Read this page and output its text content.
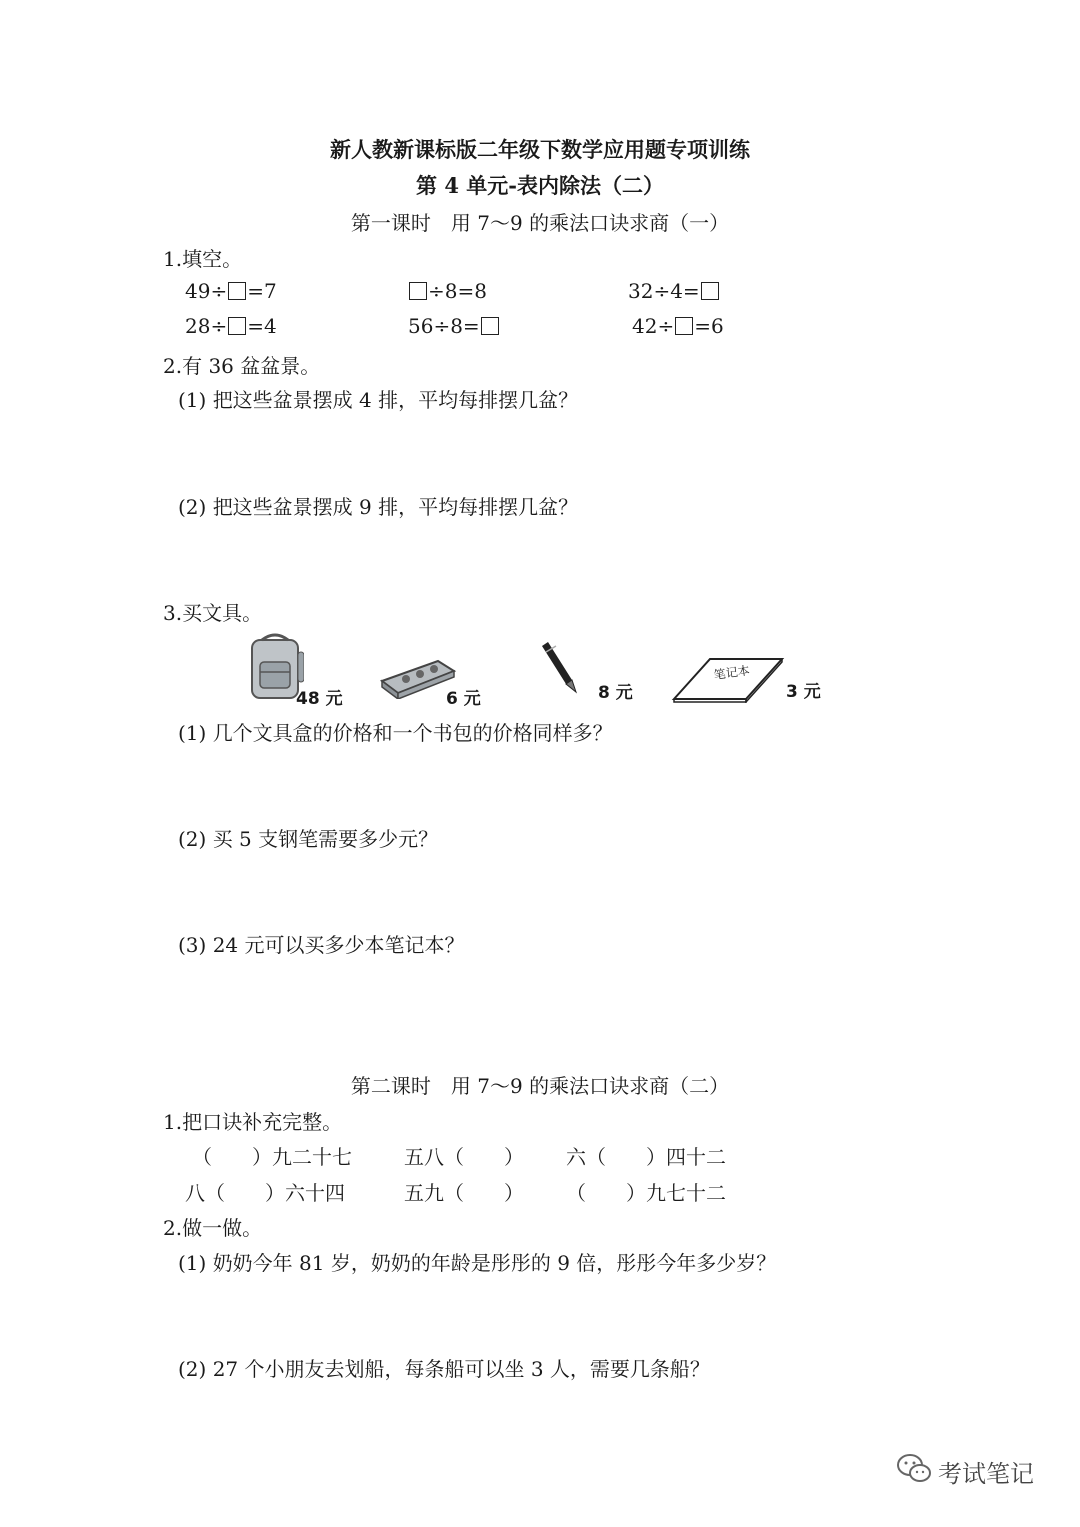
新人教新课标版二年级下数学应用题专项训练
第 4 单元-表内除法（二）
第一课时　用 7～9 的乘法口诀求商（一）
1.填空。
49÷ =7	÷8=8	32÷4=
28÷ =4	56÷8=	42÷ =6
2.有 36 盆盆景。
(1) 把这些盆景摆成 4 排，平均每排摆几盆？
(2) 把这些盆景摆成 9 排，平均每排摆几盆？
3.买文具。
48 元	6 元	8 元
笔记本
3 元
(1) 几个文具盒的价格和一个书包的价格同样多？
(2) 买 5 支钢笔需要多少元？
(3) 24 元可以买多少本笔记本？
第二课时　用 7～9 的乘法口诀求商（二）
1.把口诀补充完整。
（　　）九二十七	五八（　　） 六（　　）四十二
八（　　）六十四	五九（　　） （　　）九七十二
2.做一做。
(1) 奶奶今年 81 岁，奶奶的年龄是彤彤的 9 倍，彤彤今年多少岁？
(2) 27 个小朋友去划船，每条船可以坐 3 人，需要几条船？
考试笔记
